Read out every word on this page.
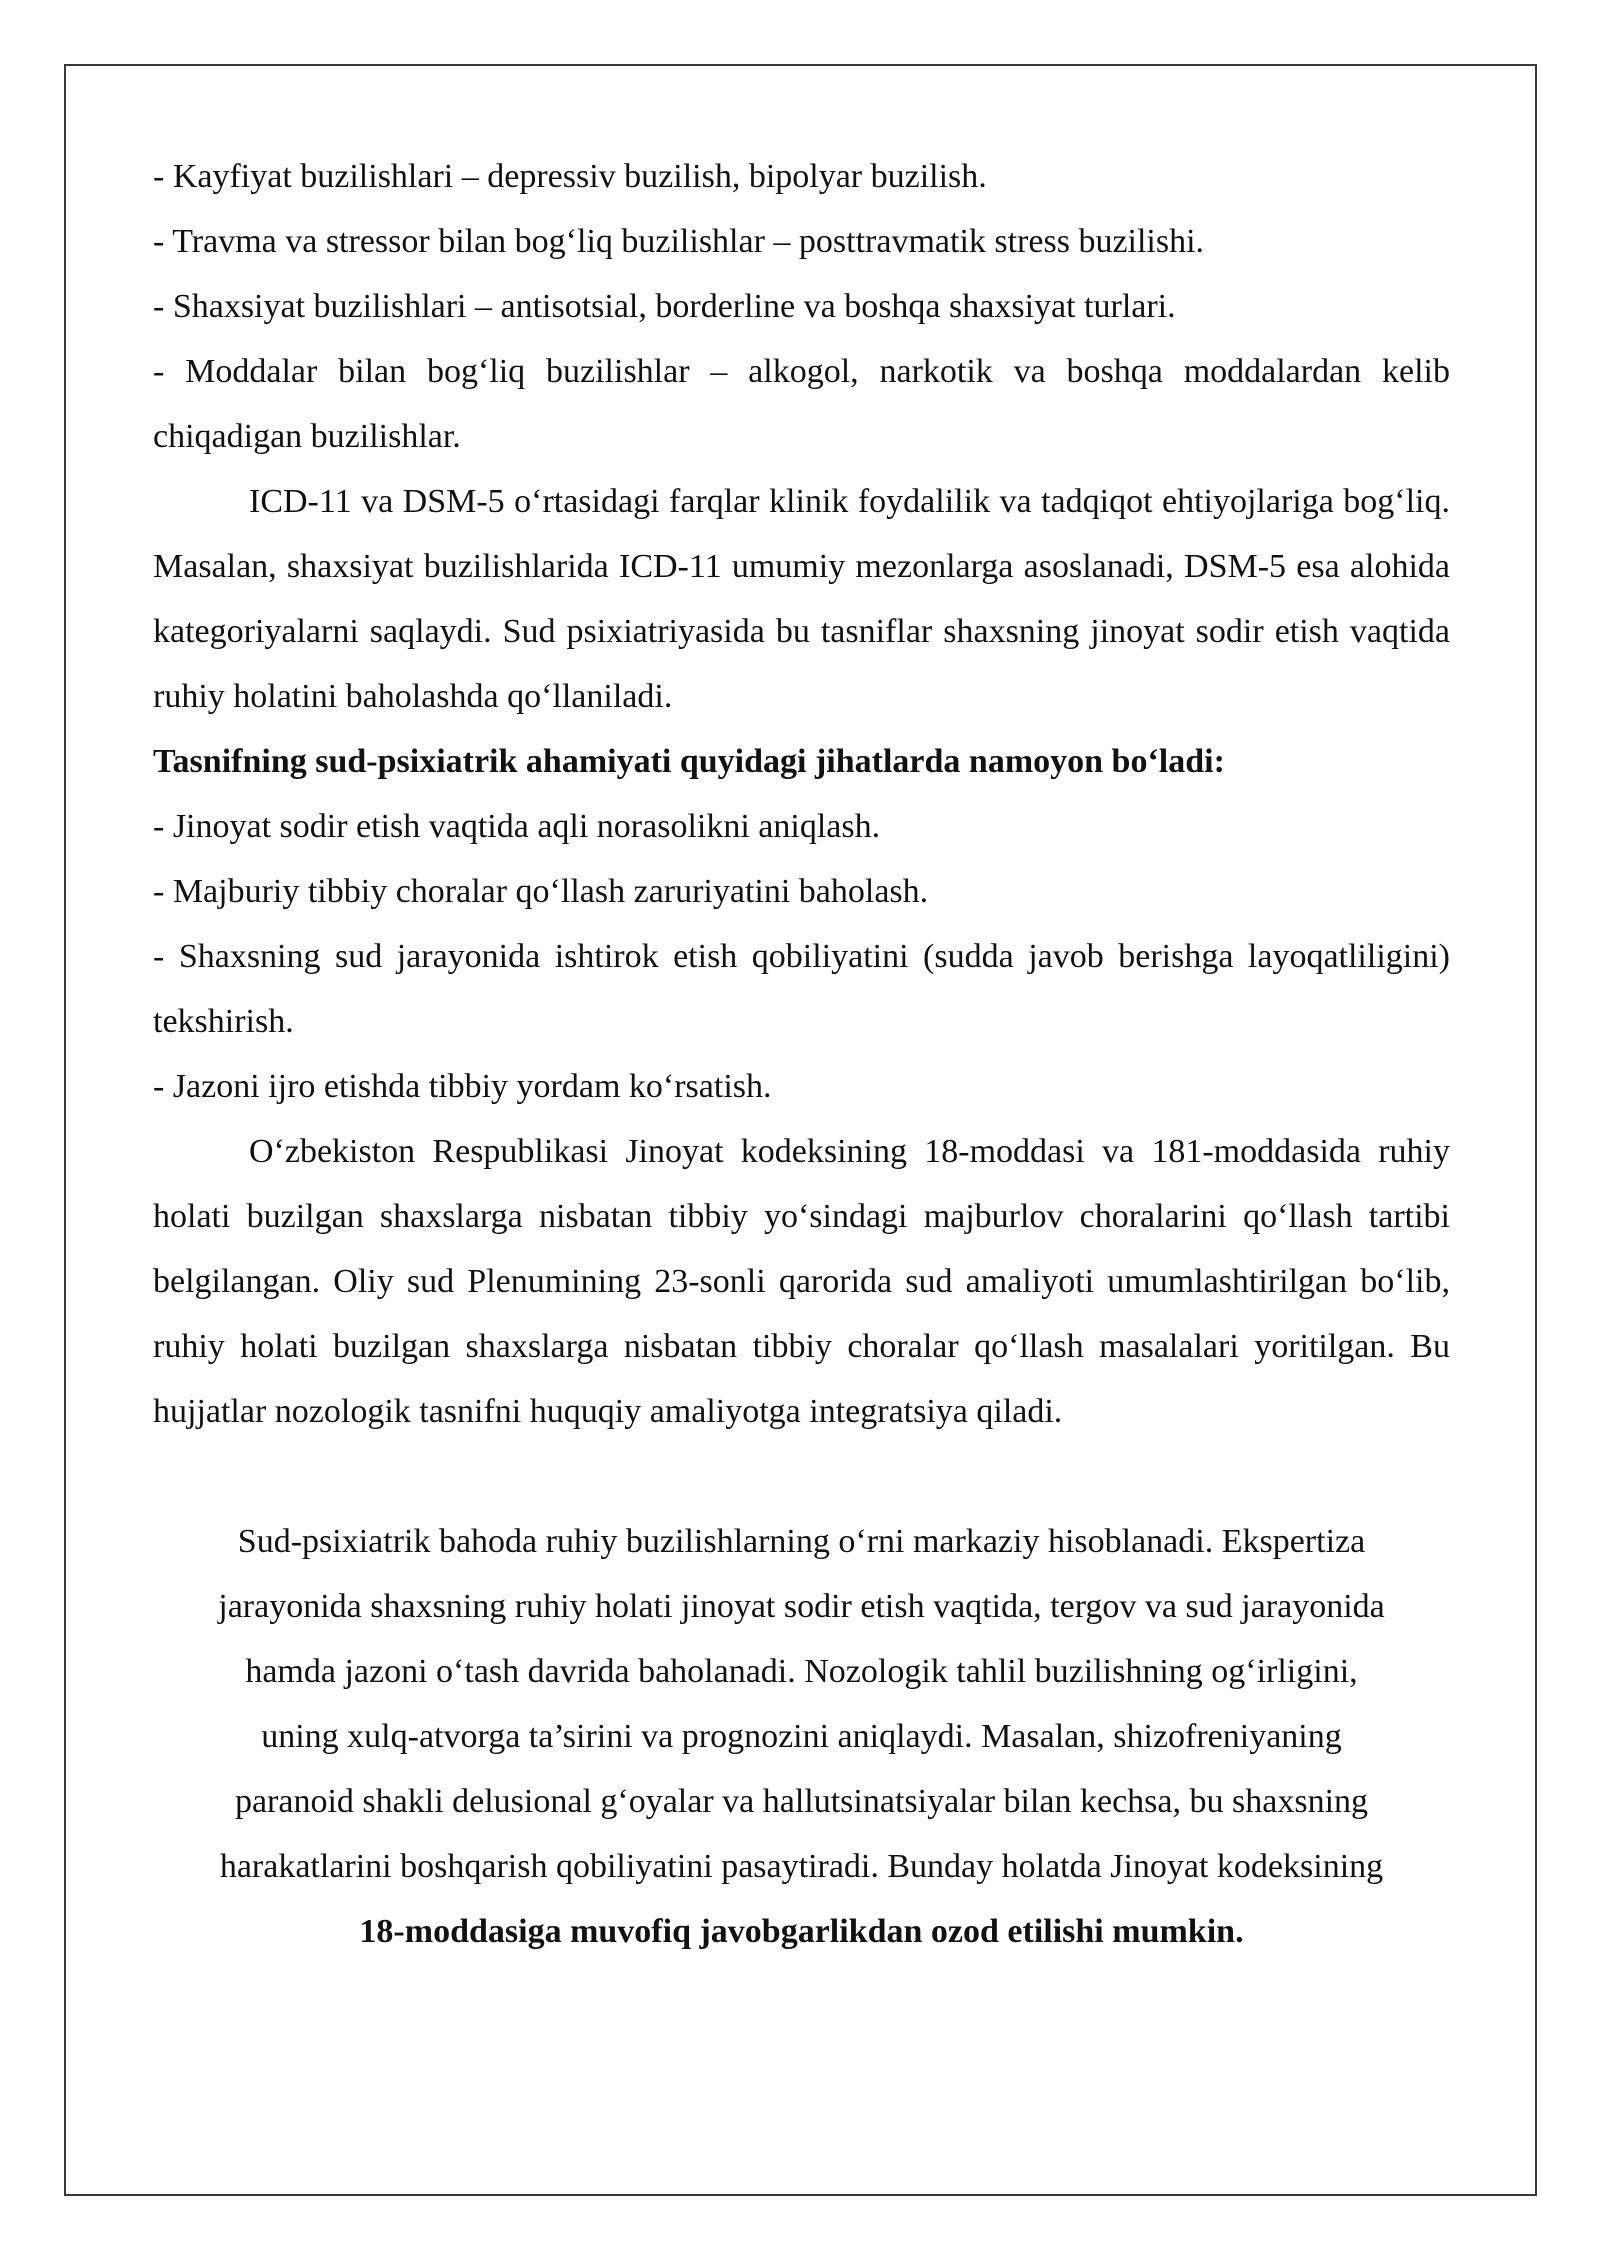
- Kayfiyat buzilishlari – depressiv buzilish, bipolyar buzilish.

- Travma va stressor bilan bog‘liq buzilishlar – posttravmatik stress buzilishi.

- Shaxsiyat buzilishlari – antisotsial, borderline va boshqa shaxsiyat turlari.

- Moddalar bilan bog‘liq buzilishlar – alkogol, narkotik va boshqa moddalardan kelib chiqadigan buzilishlar.

ICD-11 va DSM-5 o‘rtasidagi farqlar klinik foydalilik va tadqiqot ehtiyojlariga bog‘liq. Masalan, shaxsiyat buzilishlarida ICD-11 umumiy mezonlarga asoslanadi, DSM-5 esa alohida kategoriyalarni saqlaydi. Sud psixiatriyasida bu tasniflar shaxsning jinoyat sodir etish vaqtida ruhiy holatini baholashda qo‘llaniladi.

Tasnifning sud-psixiatrik ahamiyati quyidagi jihatlarda namoyon bo‘ladi:

- Jinoyat sodir etish vaqtida aqli norasolikni aniqlash.

- Majburiy tibbiy choralar qo‘llash zaruriyatini baholash.

- Shaxsning sud jarayonida ishtirok etish qobiliyatini (sudda javob berishga layoqatliligini) tekshirish.

- Jazoni ijro etishda tibbiy yordam ko‘rsatish.

O‘zbekiston Respublikasi Jinoyat kodeksining 18-moddasi va 181-moddasida ruhiy holati buzilgan shaxslarga nisbatan tibbiy yo‘sindagi majburlov choralarini qo‘llash tartibi belgilangan. Oliy sud Plenumining 23-sonli qarorida sud amaliyoti umumlashtirilgan bo‘lib, ruhiy holati buzilgan shaxslarga nisbatan tibbiy choralar qo‘llash masalalari yoritilgan. Bu hujjatlar nozologik tasnifni huquqiy amaliyotga integratsiya qiladi.

Sud-psixiatrik bahoda ruhiy buzilishlarning o‘rni markaziy hisoblanadi. Ekspertiza

jarayonida shaxsning ruhiy holati jinoyat sodir etish vaqtida, tergov va sud jarayonida

hamda jazoni o‘tash davrida baholanadi. Nozologik tahlil buzilishning og‘irligini,

uning xulq-atvorga ta’sirini va prognozini aniqlaydi. Masalan, shizofreniyaning

paranoid shakli delusional g‘oyalar va hallutsinatsiyalar bilan kechsa, bu shaxsning

harakatlarini boshqarish qobiliyatini pasaytiradi. Bunday holatda Jinoyat kodeksining

18-moddasiga muvofiq javobgarlikdan ozod etilishi mumkin.
